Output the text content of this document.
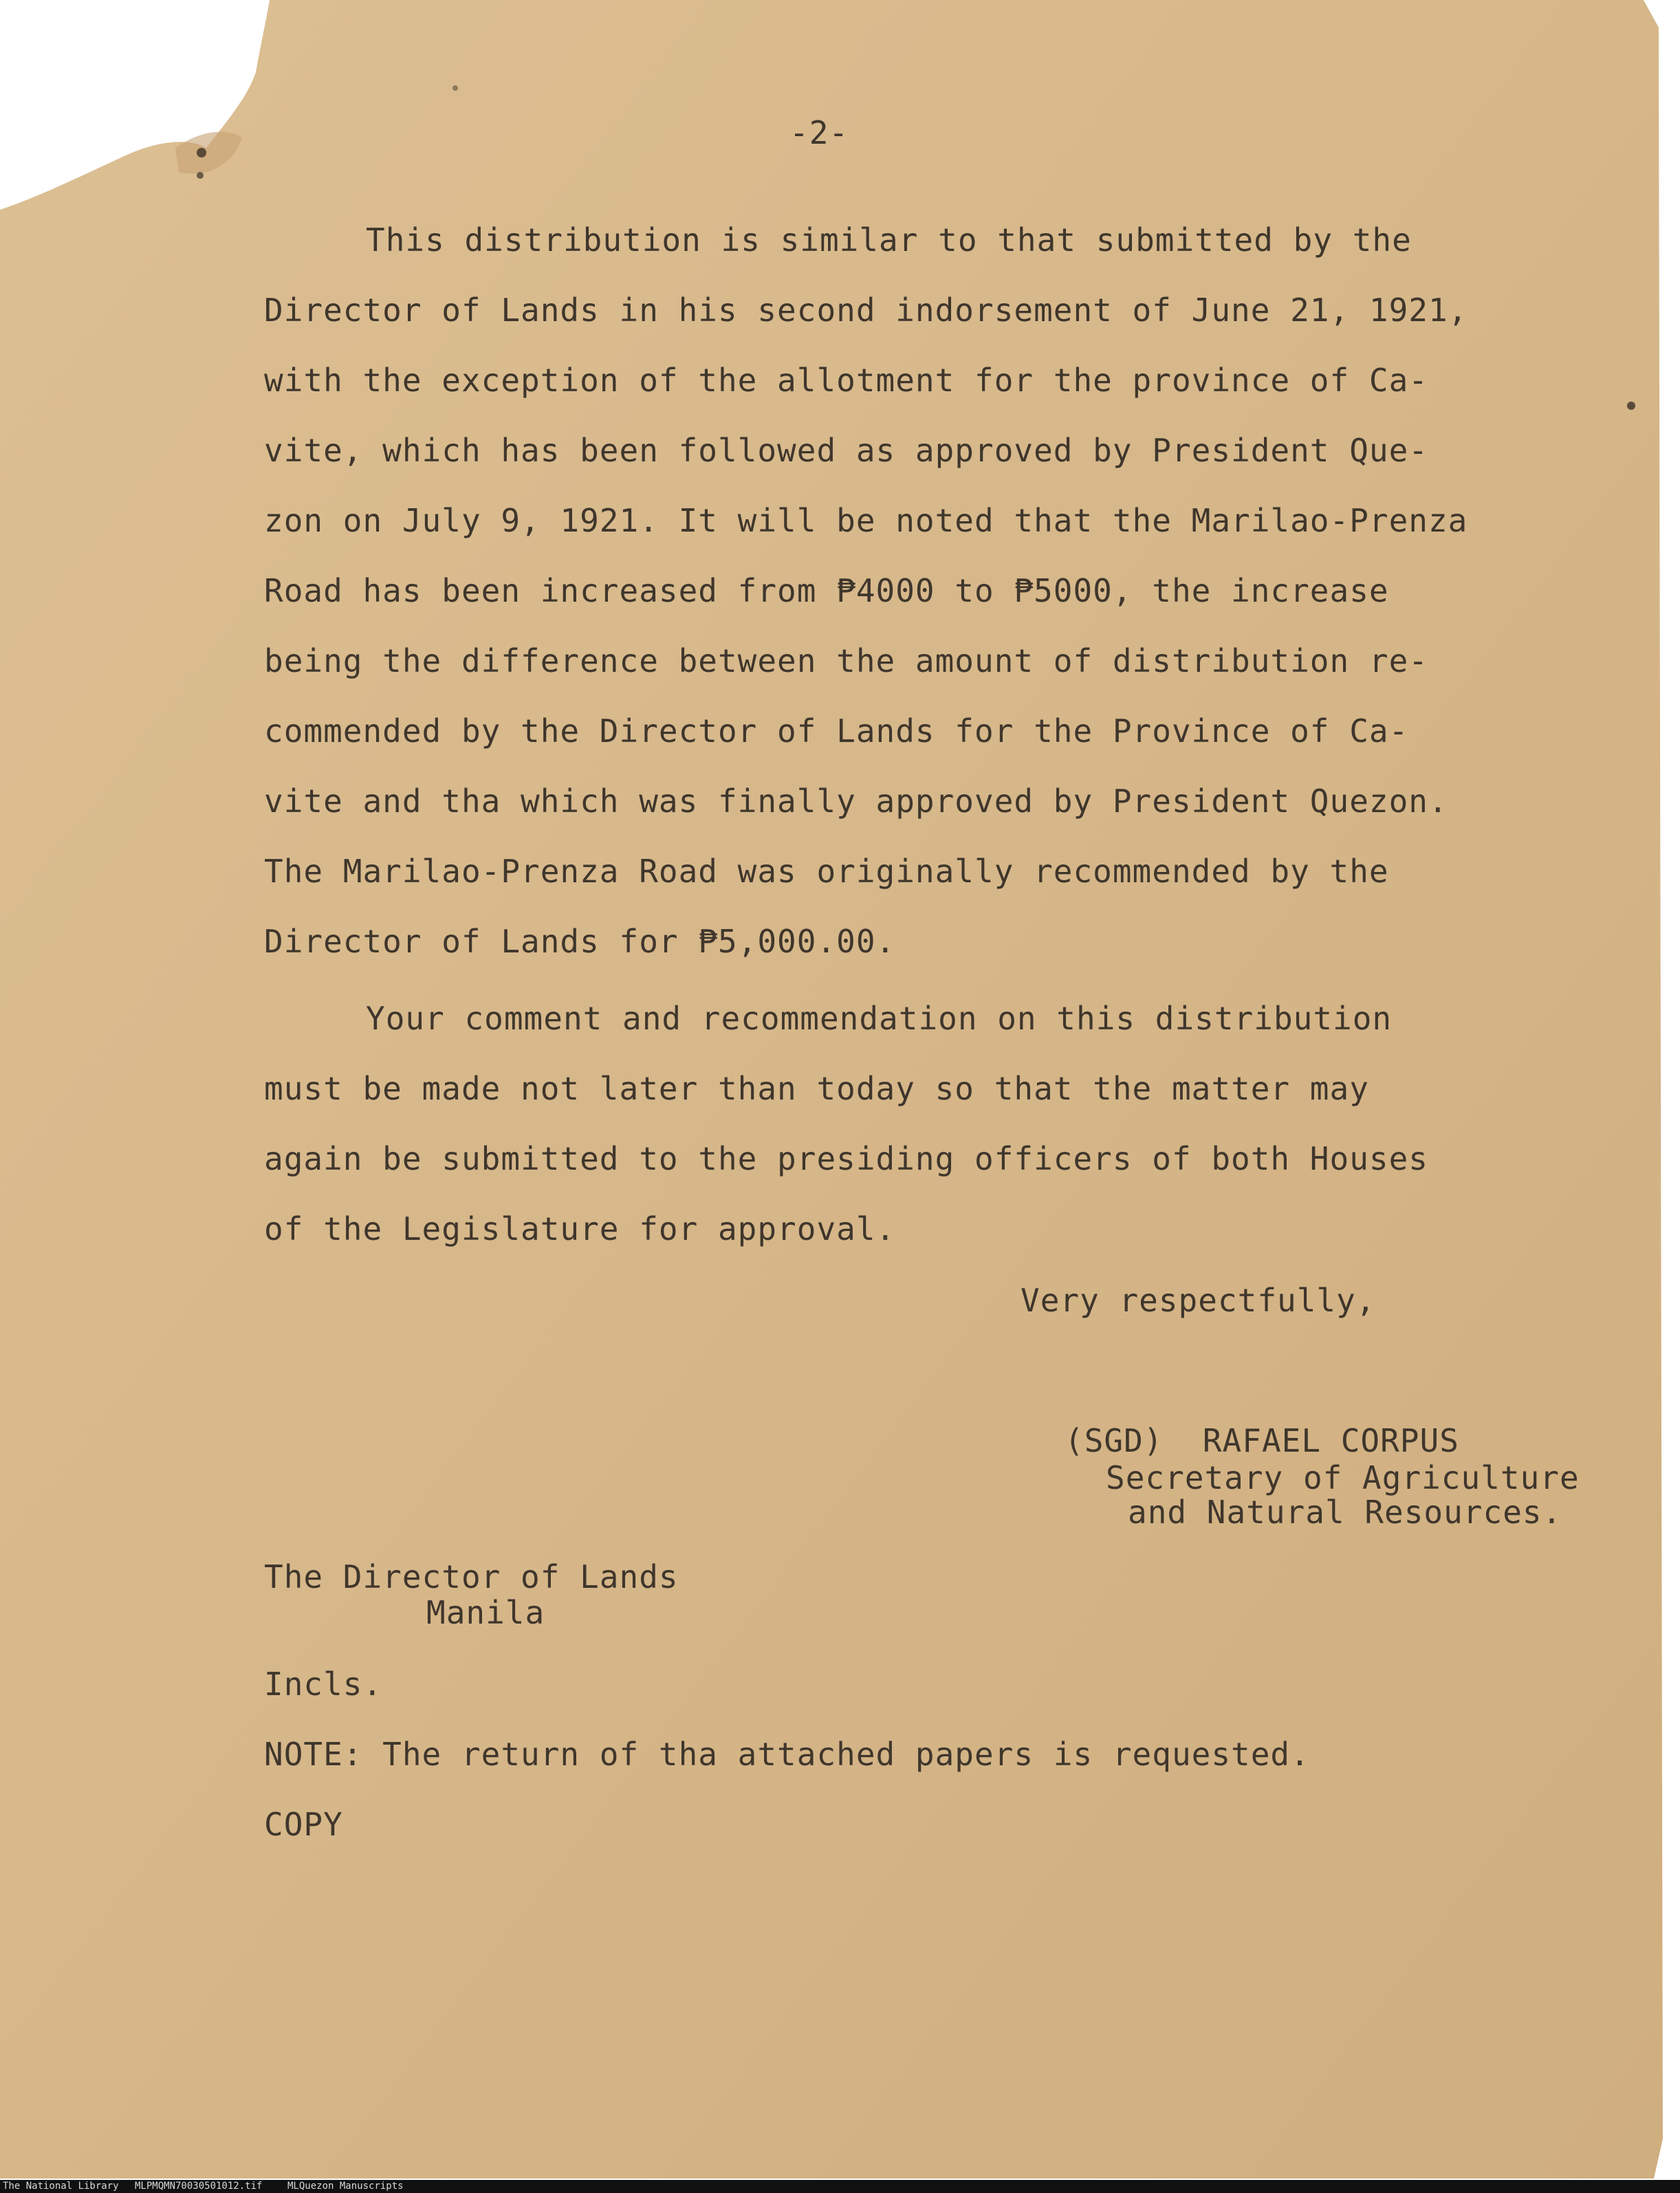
-2-

This distribution is similar to that submitted by the

Director of Lands in his second indorsement of June 21, 1921,

with the exception of the allotment for the province of Ca-

vite, which has been followed as approved by President Que-

zon on July 9, 1921. It will be noted that the Marilao-Prenza

Road has been increased from ₱4000 to ₱5000, the increase

being the difference between the amount of distribution re-

commended by the Director of Lands for the Province of Ca-

vite and tha which was finally approved by President Quezon.

The Marilao-Prenza Road was originally recommended by the

Director of Lands for ₱5,000.00.

Your comment and recommendation on this distribution

must be made not later than today so that the matter may

again be submitted to the presiding officers of both Houses

of the Legislature for approval.

Very respectfully,

(SGD)  RAFAEL CORPUS

Secretary of Agriculture

and Natural Resources.

The Director of Lands

Manila

Incls.

NOTE: The return of tha attached papers is requested.

COPY

The National Library MLPMQMN70030501012.tif	MLQuezon Manuscripts
